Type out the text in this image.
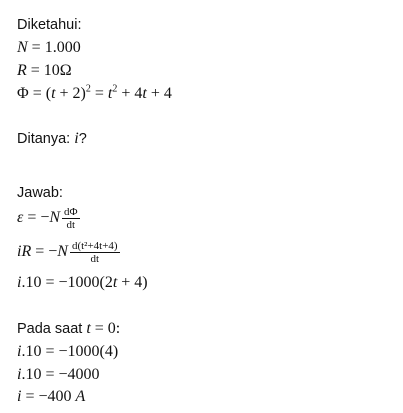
Diketahui:
N = 1.000
R = 10Ω
$\Phi = (t + 2)^2 = t^2 + 4t + 4$
Ditanya: i?
Jawab:
$\varepsilon = -N \frac{d\Phi}{dt}$
iR = $-N \frac{\text{d(t²+4t+4)}}{dt}$
i.10 = −1000(2t + 4)
Pada saat t = 0:
i.10 = −1000(4)
i.10 = −4000
i = −400 A
